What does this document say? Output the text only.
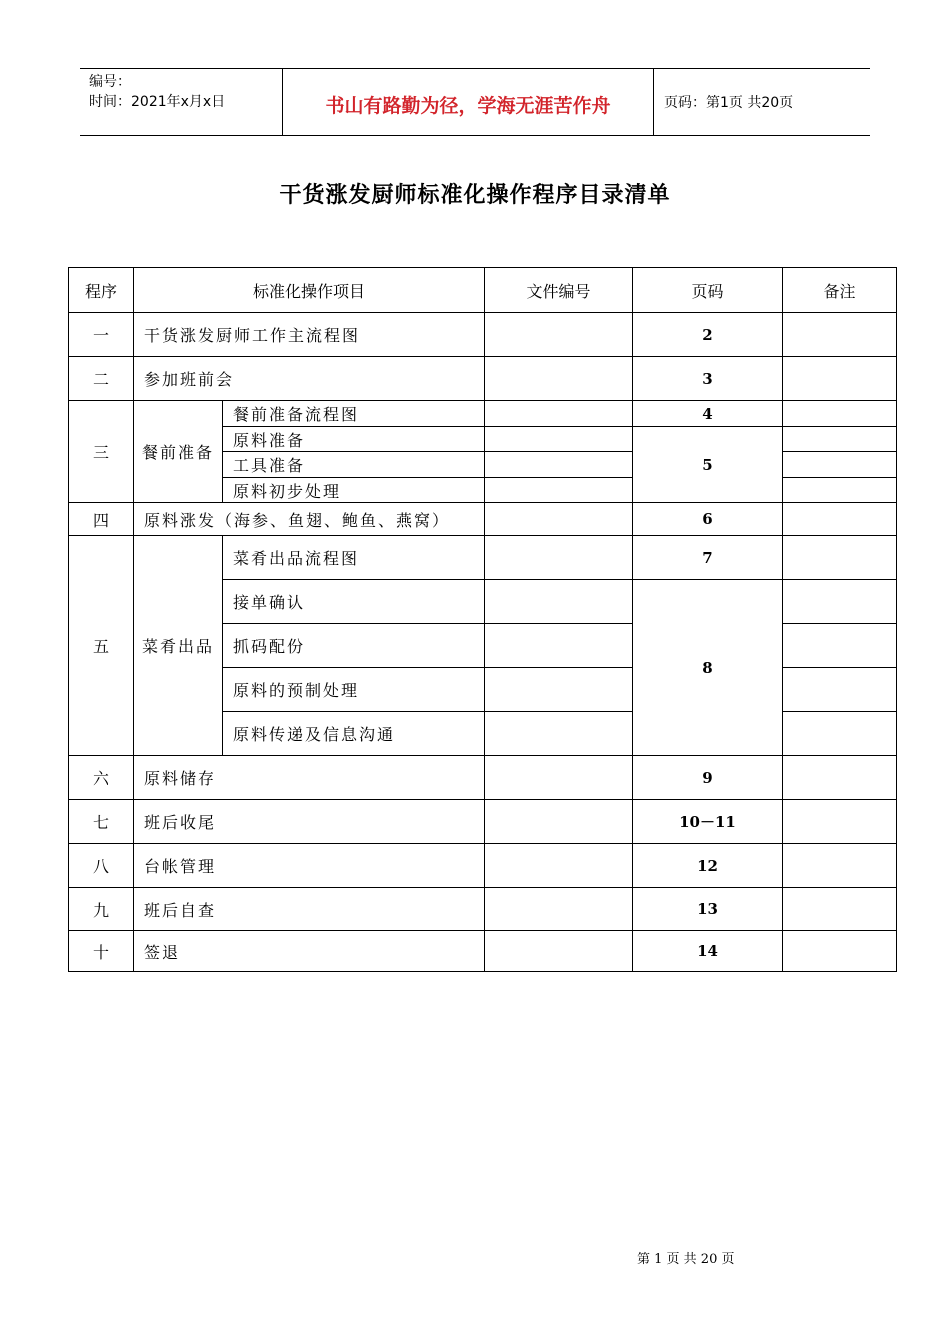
编号：
时间：2021年x月x日	书山有路勤为径，学海无涯苦作舟	页码：第1页 共20页
干货涨发厨师标准化操作程序目录清单
程序	标准化操作项目		文件编号	页码	备注
一	干货涨发厨师工作主流程图			2	
二	参加班前会			3	
三	餐前准备	餐前准备流程图		4	
		原料准备		5	
		工具准备			
		原料初步处理			
四	原料涨发（海参、鱼翅、鲍鱼、燕窝）			6	
五	菜肴出品	菜肴出品流程图		7	
		接单确认		8	
		抓码配份			
		原料的预制处理			
		原料传递及信息沟通			
六	原料储存			9	
七	班后收尾			10－11	
八	台帐管理			12	
九	班后自查			13	
十	签退			14	
第 1 页 共 20 页
